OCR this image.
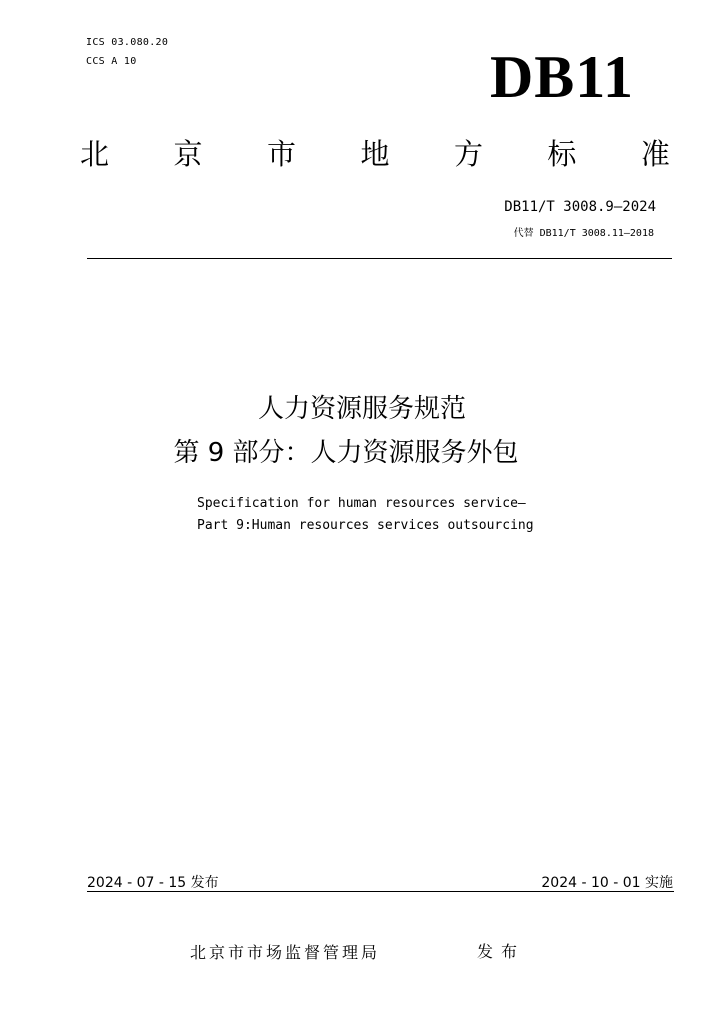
ICS 03.080.20
CCS A 10	DB11
北 京 市 地 方 标 准
DB11/T 3008.9—2024
代替 DB11/T 3008.11—2018
人力资源服务规范
第 9 部分：人力资源服务外包
Specification for human resources service—
Part 9:Human resources services outsourcing
2024 - 07 - 15 发布	2024 - 10 - 01 实施
北京市市场监督管理局	发布
